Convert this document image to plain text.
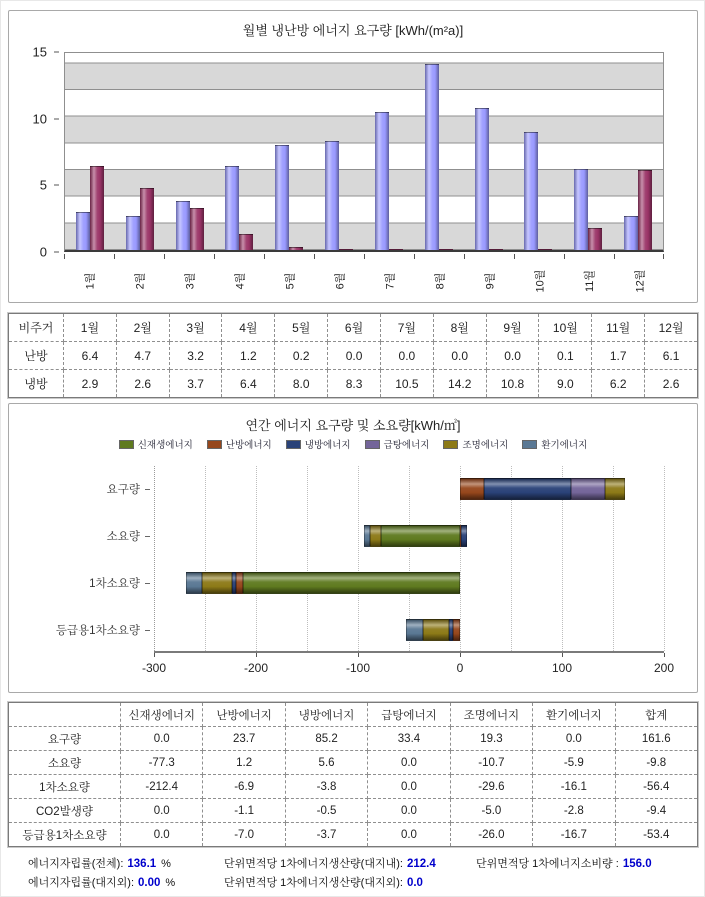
월별 냉난방 에너지 요구량 [kWh/(m²a)]
0
5
10
15
1월	2월	3월	4월	5월	6월	7월	8월	9월	10월	11월	12월
비주거	1월	2월	3월	4월	5월	6월	7월	8월	9월	10월	11월	12월
난방	6.4	4.7	3.2	1.2	0.2	0.0	0.0	0.0	0.0	0.1	1.7	6.1
냉방	2.9	2.6	3.7	6.4	8.0	8.3	10.5	14.2	10.8	9.0	6.2	2.6
연간 에너지 요구량 및 소요량[kWh/㎡]
신재생에너지	난방에너지	냉방에너지	급탕에너지	조명에너지	환기에너지
요구량
소요량
1차소요량
등급용1차소요량
-300	-200	-100	0	100	200
	신재생에너지	난방에너지	냉방에너지	급탕에너지	조명에너지	환기에너지	합계
요구량	0.0	23.7	85.2	33.4	19.3	0.0	161.6
소요량	-77.3	1.2	5.6	0.0	-10.7	-5.9	-9.8
1차소요량	-212.4	-6.9	-3.8	0.0	-29.6	-16.1	-56.4
CO2발생량	0.0	-1.1	-0.5	0.0	-5.0	-2.8	-9.4
등급용1차소요량	0.0	-7.0	-3.7	0.0	-26.0	-16.7	-53.4
에너지자립률(전체): 136.1 %	단위면적당 1차에너지생산량(대지내): 212.4	단위면적당 1차에너지소비량 : 156.0
에너지자립률(대지외): 0.00 %	단위면적당 1차에너지생산량(대지외): 0.0
